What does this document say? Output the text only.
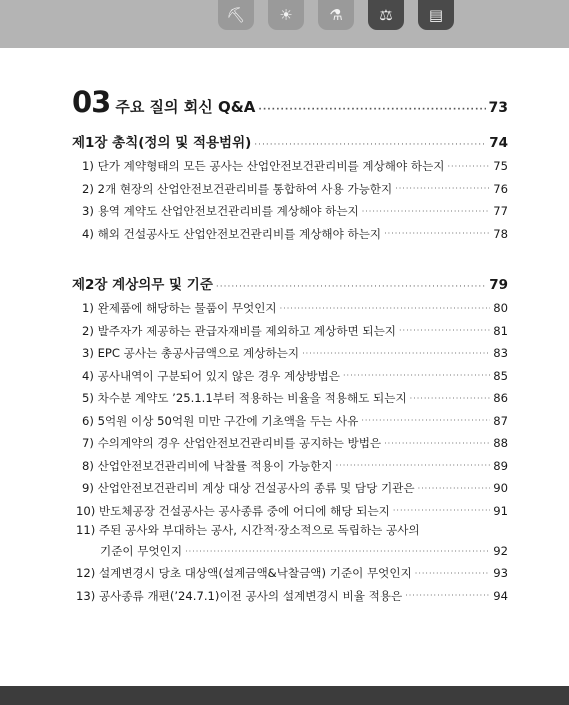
⛏	☀	⚗	⚖	▤
03 주요 질의 회신 Q&A ·····	73
제1장 총칙(정의 및 적용범위) ·····	74
1) 단가 계약형태의 모든 공사는 산업안전보건관리비를 계상해야 하는지 ·····	75
2) 2개 현장의 산업안전보건관리비를 통합하여 사용 가능한지 ·····	76
3) 용역 계약도 산업안전보건관리비를 계상해야 하는지 ·····	77
4) 해외 건설공사도 산업안전보건관리비를 계상해야 하는지 ·····	78
제2장 계상의무 및 기준 ·····	79
1) 완제품에 해당하는 물품이 무엇인지 ·····	80
2) 발주자가 제공하는 관급자재비를 제외하고 계상하면 되는지 ·····	81
3) EPC 공사는 총공사금액으로 계상하는지 ·····	83
4) 공사내역이 구분되어 있지 않은 경우 계상방법은 ·····	85
5) 차수분 계약도 ’25.1.1부터 적용하는 비율을 적용해도 되는지 ·····	86
6) 5억원 이상 50억원 미만 구간에 기초액을 두는 사유 ·····	87
7) 수의계약의 경우 산업안전보건관리비를 공지하는 방법은 ·····	88
8) 산업안전보건관리비에 낙찰률 적용이 가능한지 ·····	89
9) 산업안전보건관리비 계상 대상 건설공사의 종류 및 담당 기관은 ·····	90
10) 반도체공장 건설공사는 공사종류 중에 어디에 해당 되는지 ·····	91
11) 주된 공사와 부대하는 공사, 시간적·장소적으로 독립하는 공사의
기준이 무엇인지 ·····	92
12) 설계변경시 당초 대상액(설계금액&낙찰금액) 기준이 무엇인지 ·····	93
13) 공사종류 개편(’24.7.1)이전 공사의 설계변경시 비율 적용은 ·····	94
